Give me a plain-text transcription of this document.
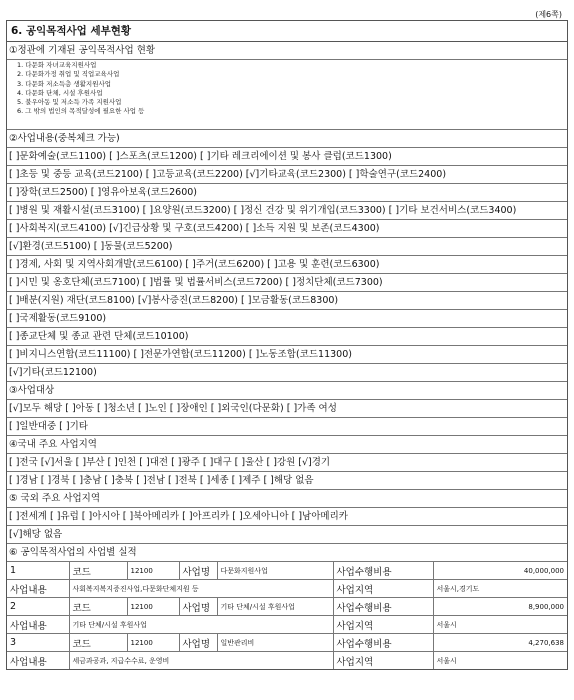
(제6쪽)
6. 공익목적사업 세부현황
①정관에 기재된 공익목적사업 현황
1. 다문화 자녀교육지원사업
2. 다문화가정 취업 및 직업교육사업
3. 다문화 저소득층 생활지원사업
4. 다문화 단체, 시설 후원사업
5. 불우아동 및 저소득 가족 지원사업
6. 그 밖의 법인의 목적달성에 필요한 사업 등
②사업내용(중복체크 가능)
[ ]문화예술(코드1100) [ ]스포츠(코드1200) [ ]기타 레크리에이션 및 봉사 클럽(코드1300)
[ ]초등 및 중등 교육(코드2100) [ ]고등교육(코드2200) [√]기타교육(코드2300) [ ]학술연구(코드2400)
[ ]장학(코드2500) [ ]영유아보육(코드2600)
[ ]병원 및 재활시설(코드3100) [ ]요양원(코드3200) [ ]정신 건강 및 위기개입(코드3300) [ ]기타 보건서비스(코드3400)
[ ]사회복지(코드4100) [√]긴급상황 및 구호(코드4200) [ ]소득 지원 및 보존(코드4300)
[√]환경(코드5100) [ ]동물(코드5200)
[ ]경제, 사회 및 지역사회개발(코드6100) [ ]주거(코드6200) [ ]고용 및 훈련(코드6300)
[ ]시민 및 옹호단체(코드7100) [ ]법률 및 법률서비스(코드7200) [ ]정치단체(코드7300)
[ ]배분(지원) 재단(코드8100) [√]봉사증진(코드8200) [ ]모금활동(코드8300)
[ ]국제활동(코드9100)
[ ]종교단체 및 종교 관련 단체(코드10100)
[ ]비지니스연합(코드11100) [ ]전문가연합(코드11200) [ ]노동조합(코드11300)
[√]기타(코드12100)
③사업대상
[√]모두 해당 [ ]아동 [ ]청소년 [ ]노인 [ ]장애인 [ ]외국인(다문화) [ ]가족 여성
[ ]일반대중 [ ]기타
④국내 주요 사업지역
[ ]전국 [√]서울 [ ]부산 [ ]인천 [ ]대전 [ ]광주 [ ]대구 [ ]울산 [ ]강원 [√]경기
[ ]경남 [ ]경북 [ ]충남 [ ]충북 [ ]전남 [ ]전북 [ ]세종 [ ]제주 [ ]해당 없음
⑤ 국외 주요 사업지역
[ ]전세계 [ ]유럽 [ ]아시아 [ ]북아메리카 [ ]아프리카 [ ]오세아니아 [ ]남아메리카
[√]해당 없음
⑥ 공익목적사업의 사업별 실적
1	코드	12100	사업명	다문화지원사업	사업수행비용	40,000,000
사업내용	사회복지복지증진사업,다문화단체지원 등				사업지역	서울시,경기도
2	코드	12100	사업명	기타 단체/시설 후원사업	사업수행비용	8,900,000
사업내용	기타 단체/시설 후원사업				사업지역	서울시
3	코드	12100	사업명	일반관리비	사업수행비용	4,270,638
사업내용	세금과공과, 지급수수료, 운영비				사업지역	서울시
